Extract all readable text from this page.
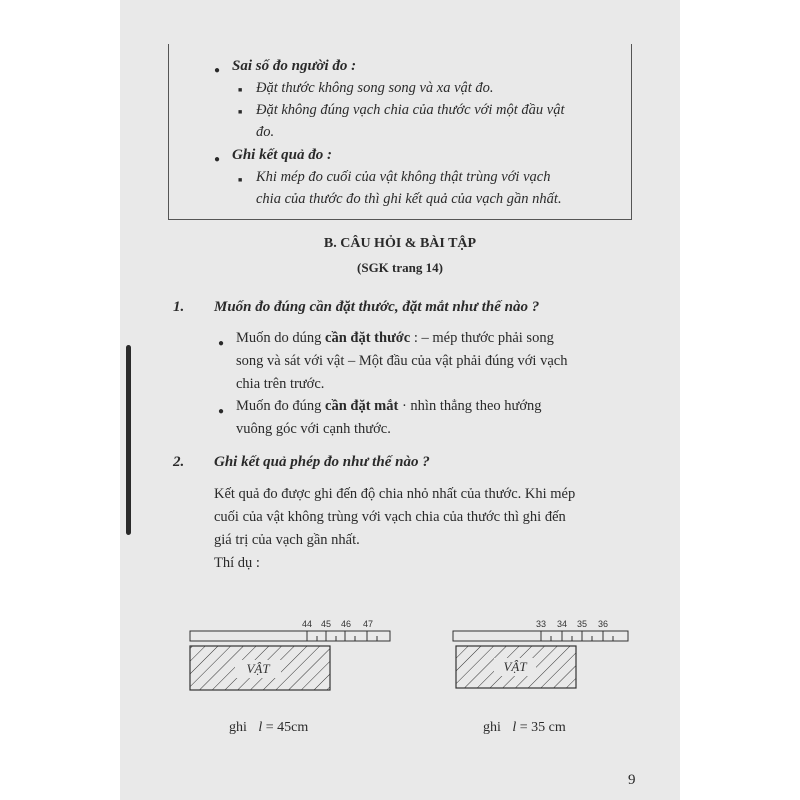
● Sai số đo người đo :
■ Đặt thước không song song và xa vật đo.
■ Đặt không đúng vạch chia của thước với một đầu vật
đo.
● Ghi kết quả đo :
■ Khi mép đo cuối của vật không thật trùng với vạch
chia của thước đo thì ghi kết quả của vạch gần nhất.
B. CÂU HỎI & BÀI TẬP
(SGK trang 14)
1. Muốn đo đúng cần đặt thước, đặt mắt như thế nào ?
● Muốn do dúng cần đặt thước : – mép thước phải song
song và sát với vật – Một đầu của vật phải đúng với vạch
chia trên trước.
● Muốn đo đúng cần đặt mắt · nhìn thẳng theo hướng
vuông góc với cạnh thước.
2. Ghi kết quả phép đo như thế nào ?
Kết quả đo được ghi đến độ chia nhỏ nhất của thước. Khi mép
cuối của vật không trùng với vạch chia của thước thì ghi đến
giá trị của vạch gần nhất.
Thí dụ :
44 45 46 47
VẬT
ghi l = 45cm
33 34 35 36
VẬT
ghi l = 35 cm
9
